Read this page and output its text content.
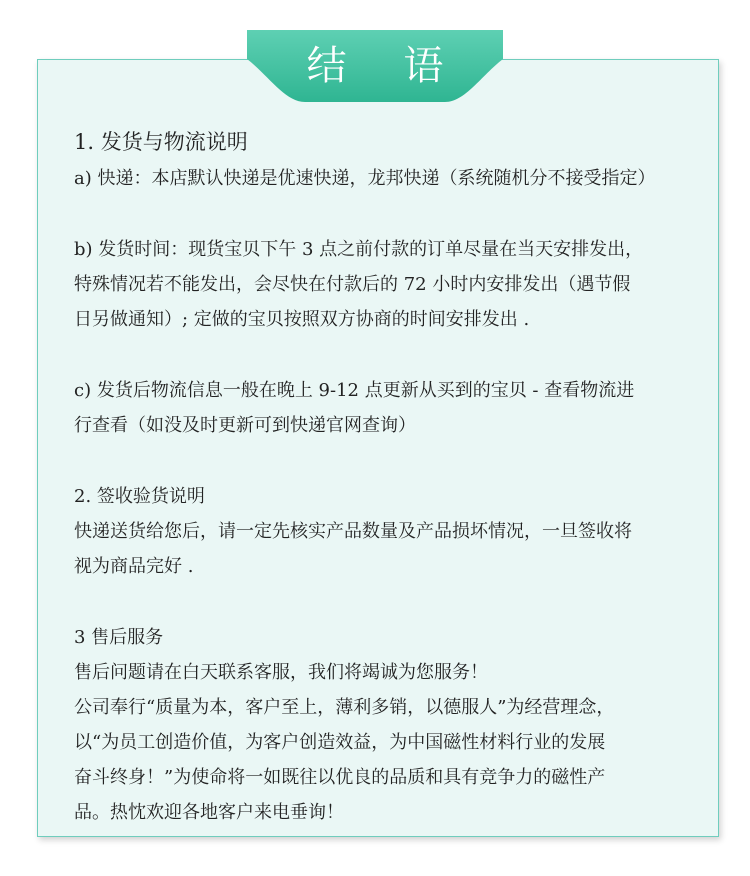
结 语
1. 发货与物流说明
a) 快递：本店默认快递是优速快递，龙邦快递（系统随机分不接受指定）
b) 发货时间：现货宝贝下午 3 点之前付款的订单尽量在当天安排发出，
特殊情况若不能发出，会尽快在付款后的 72 小时内安排发出（遇节假
日另做通知）; 定做的宝贝按照双方协商的时间安排发出 .
c) 发货后物流信息一般在晚上 9-12 点更新从买到的宝贝 - 查看物流进
行查看（如没及时更新可到快递官网查询）
2. 签收验货说明
快递送货给您后，请一定先核实产品数量及产品损坏情况，一旦签收将
视为商品完好 .
3 售后服务
售后问题请在白天联系客服，我们将竭诚为您服务！
公司奉行“质量为本，客户至上，薄利多销，以德服人”为经营理念，
以“为员工创造价值，为客户创造效益，为中国磁性材料行业的发展
奋斗终身！”为使命将一如既往以优良的品质和具有竞争力的磁性产
品。热忱欢迎各地客户来电垂询！
